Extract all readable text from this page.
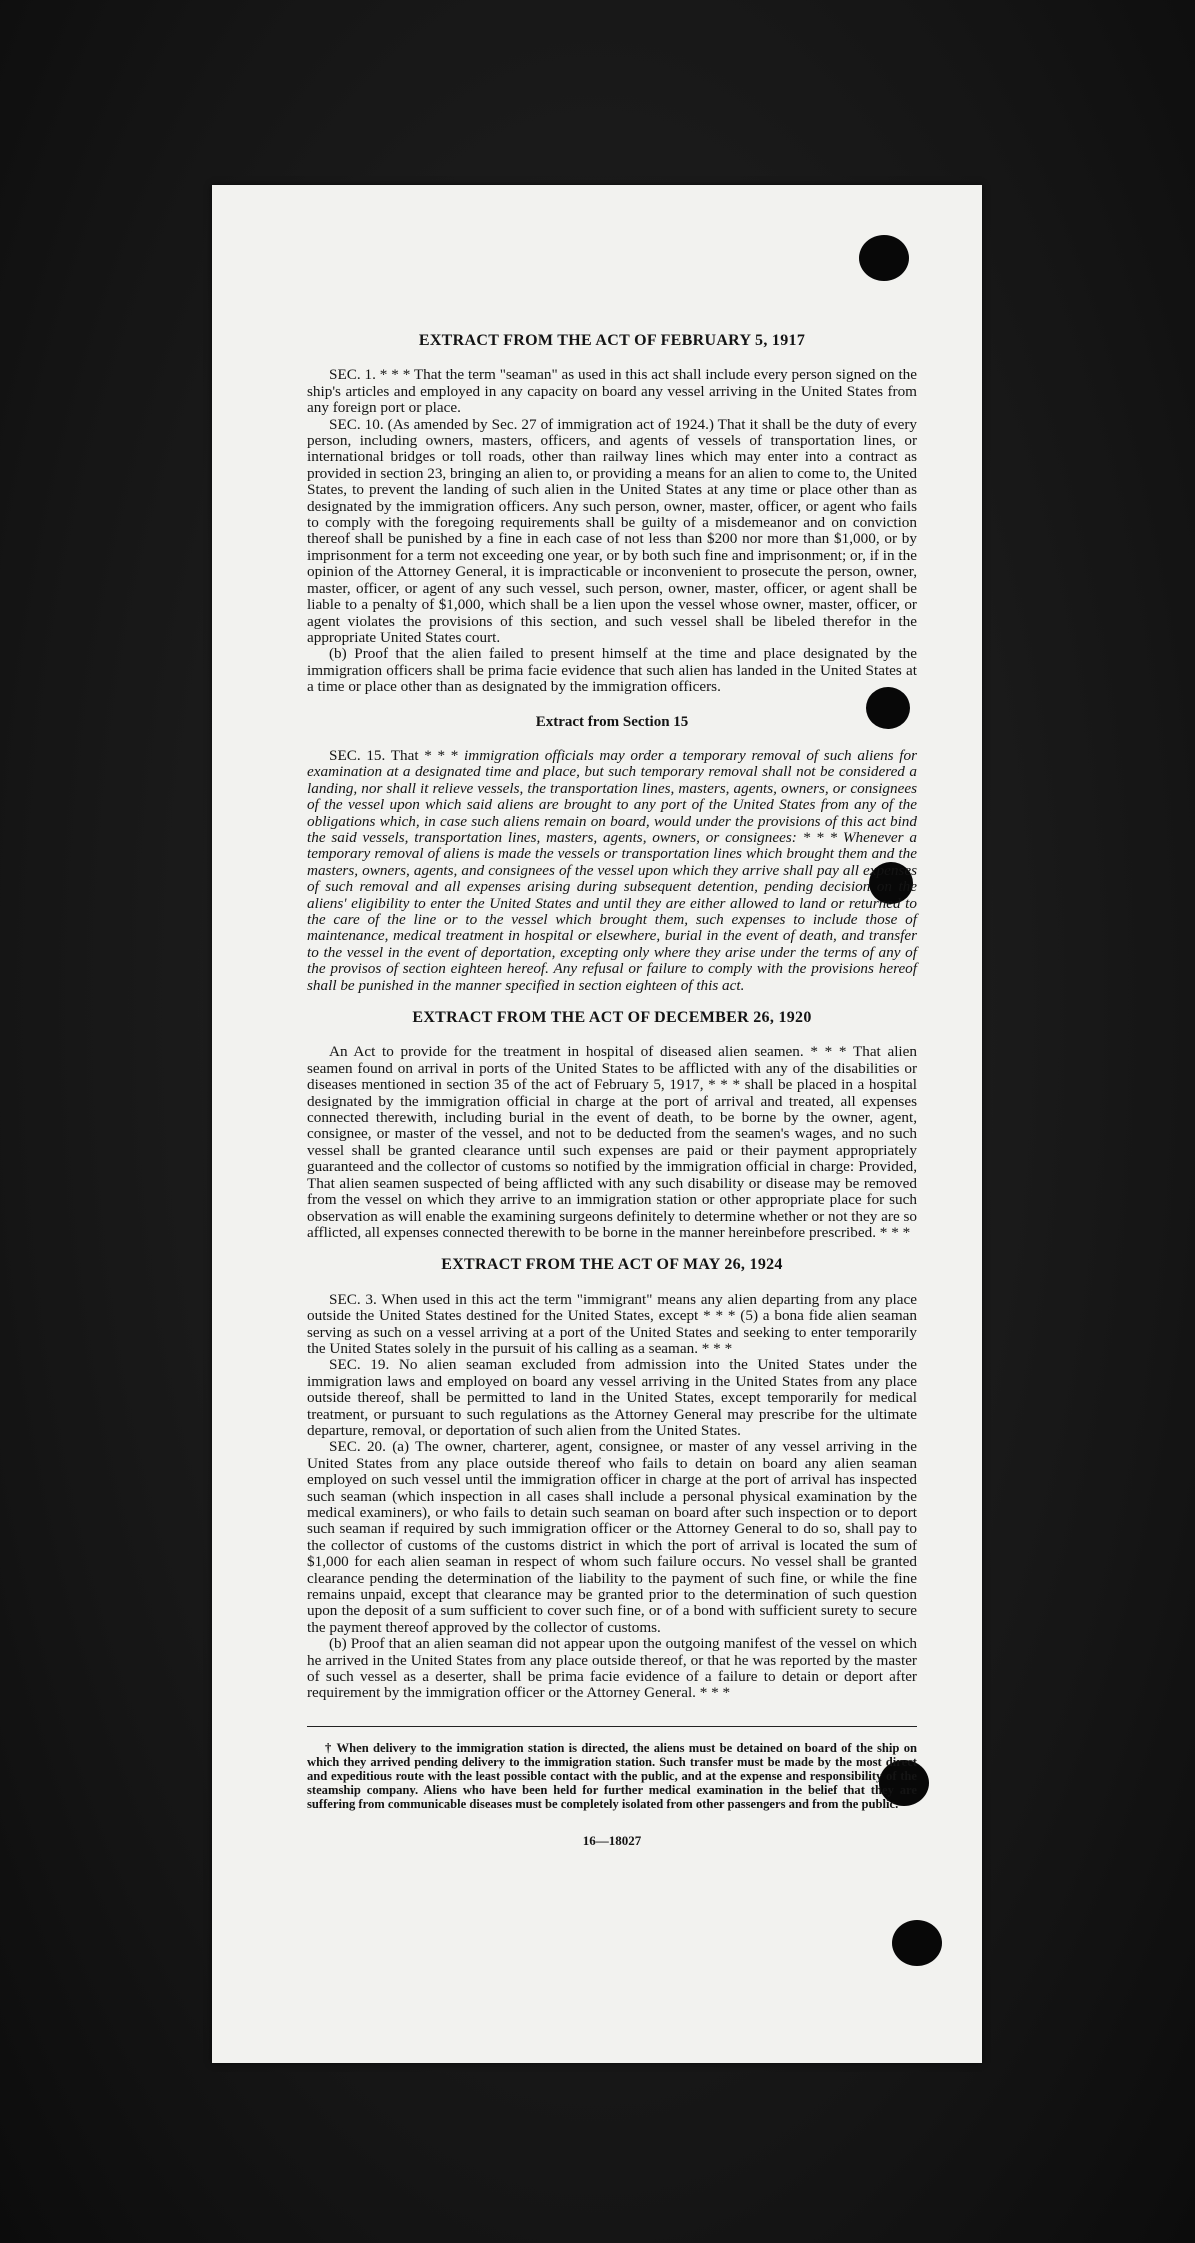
EXTRACT FROM THE ACT OF FEBRUARY 5, 1917

SEC. 1. * * * That the term "seaman" as used in this act shall include every person signed on the ship's articles and employed in any capacity on board any vessel arriving in the United States from any foreign port or place.

SEC. 10. (As amended by Sec. 27 of immigration act of 1924.) That it shall be the duty of every person, including owners, masters, officers, and agents of vessels of transportation lines, or international bridges or toll roads, other than railway lines which may enter into a contract as provided in section 23, bringing an alien to, or providing a means for an alien to come to, the United States, to prevent the landing of such alien in the United States at any time or place other than as designated by the immigration officers. Any such person, owner, master, officer, or agent who fails to comply with the foregoing requirements shall be guilty of a misdemeanor and on conviction thereof shall be punished by a fine in each case of not less than $200 nor more than $1,000, or by imprisonment for a term not exceeding one year, or by both such fine and imprisonment; or, if in the opinion of the Attorney General, it is impracticable or inconvenient to prosecute the person, owner, master, officer, or agent of any such vessel, such person, owner, master, officer, or agent shall be liable to a penalty of $1,000, which shall be a lien upon the vessel whose owner, master, officer, or agent violates the provisions of this section, and such vessel shall be libeled therefor in the appropriate United States court.

(b) Proof that the alien failed to present himself at the time and place designated by the immigration officers shall be prima facie evidence that such alien has landed in the United States at a time or place other than as designated by the immigration officers.

Extract from Section 15

SEC. 15. That * * * immigration officials may order a temporary removal of such aliens for examination at a designated time and place, but such temporary removal shall not be considered a landing, nor shall it relieve vessels, the transportation lines, masters, agents, owners, or consignees of the vessel upon which said aliens are brought to any port of the United States from any of the obligations which, in case such aliens remain on board, would under the provisions of this act bind the said vessels, transportation lines, masters, agents, owners, or consignees: * * * Whenever a temporary removal of aliens is made the vessels or transportation lines which brought them and the masters, owners, agents, and consignees of the vessel upon which they arrive shall pay all expenses of such removal and all expenses arising during subsequent detention, pending decision on the aliens' eligibility to enter the United States and until they are either allowed to land or returned to the care of the line or to the vessel which brought them, such expenses to include those of maintenance, medical treatment in hospital or elsewhere, burial in the event of death, and transfer to the vessel in the event of deportation, excepting only where they arise under the terms of any of the provisos of section eighteen hereof. Any refusal or failure to comply with the provisions hereof shall be punished in the manner specified in section eighteen of this act.

EXTRACT FROM THE ACT OF DECEMBER 26, 1920

An Act to provide for the treatment in hospital of diseased alien seamen. * * * That alien seamen found on arrival in ports of the United States to be afflicted with any of the disabilities or diseases mentioned in section 35 of the act of February 5, 1917, * * * shall be placed in a hospital designated by the immigration official in charge at the port of arrival and treated, all expenses connected therewith, including burial in the event of death, to be borne by the owner, agent, consignee, or master of the vessel, and not to be deducted from the seamen's wages, and no such vessel shall be granted clearance until such expenses are paid or their payment appropriately guaranteed and the collector of customs so notified by the immigration official in charge: Provided, That alien seamen suspected of being afflicted with any such disability or disease may be removed from the vessel on which they arrive to an immigration station or other appropriate place for such observation as will enable the examining surgeons definitely to determine whether or not they are so afflicted, all expenses connected therewith to be borne in the manner hereinbefore prescribed. * * *

EXTRACT FROM THE ACT OF MAY 26, 1924

SEC. 3. When used in this act the term "immigrant" means any alien departing from any place outside the United States destined for the United States, except * * * (5) a bona fide alien seaman serving as such on a vessel arriving at a port of the United States and seeking to enter temporarily the United States solely in the pursuit of his calling as a seaman. * * *

SEC. 19. No alien seaman excluded from admission into the United States under the immigration laws and employed on board any vessel arriving in the United States from any place outside thereof, shall be permitted to land in the United States, except temporarily for medical treatment, or pursuant to such regulations as the Attorney General may prescribe for the ultimate departure, removal, or deportation of such alien from the United States.

SEC. 20. (a) The owner, charterer, agent, consignee, or master of any vessel arriving in the United States from any place outside thereof who fails to detain on board any alien seaman employed on such vessel until the immigration officer in charge at the port of arrival has inspected such seaman (which inspection in all cases shall include a personal physical examination by the medical examiners), or who fails to detain such seaman on board after such inspection or to deport such seaman if required by such immigration officer or the Attorney General to do so, shall pay to the collector of customs of the customs district in which the port of arrival is located the sum of $1,000 for each alien seaman in respect of whom such failure occurs. No vessel shall be granted clearance pending the determination of the liability to the payment of such fine, or while the fine remains unpaid, except that clearance may be granted prior to the determination of such question upon the deposit of a sum sufficient to cover such fine, or of a bond with sufficient surety to secure the payment thereof approved by the collector of customs.

(b) Proof that an alien seaman did not appear upon the outgoing manifest of the vessel on which he arrived in the United States from any place outside thereof, or that he was reported by the master of such vessel as a deserter, shall be prima facie evidence of a failure to detain or deport after requirement by the immigration officer or the Attorney General. * * *

† When delivery to the immigration station is directed, the aliens must be detained on board of the ship on which they arrived pending delivery to the immigration station. Such transfer must be made by the most direct and expeditious route with the least possible contact with the public, and at the expense and responsibility of the steamship company. Aliens who have been held for further medical examination in the belief that they are suffering from communicable diseases must be completely isolated from other passengers and from the public.

16—18027
